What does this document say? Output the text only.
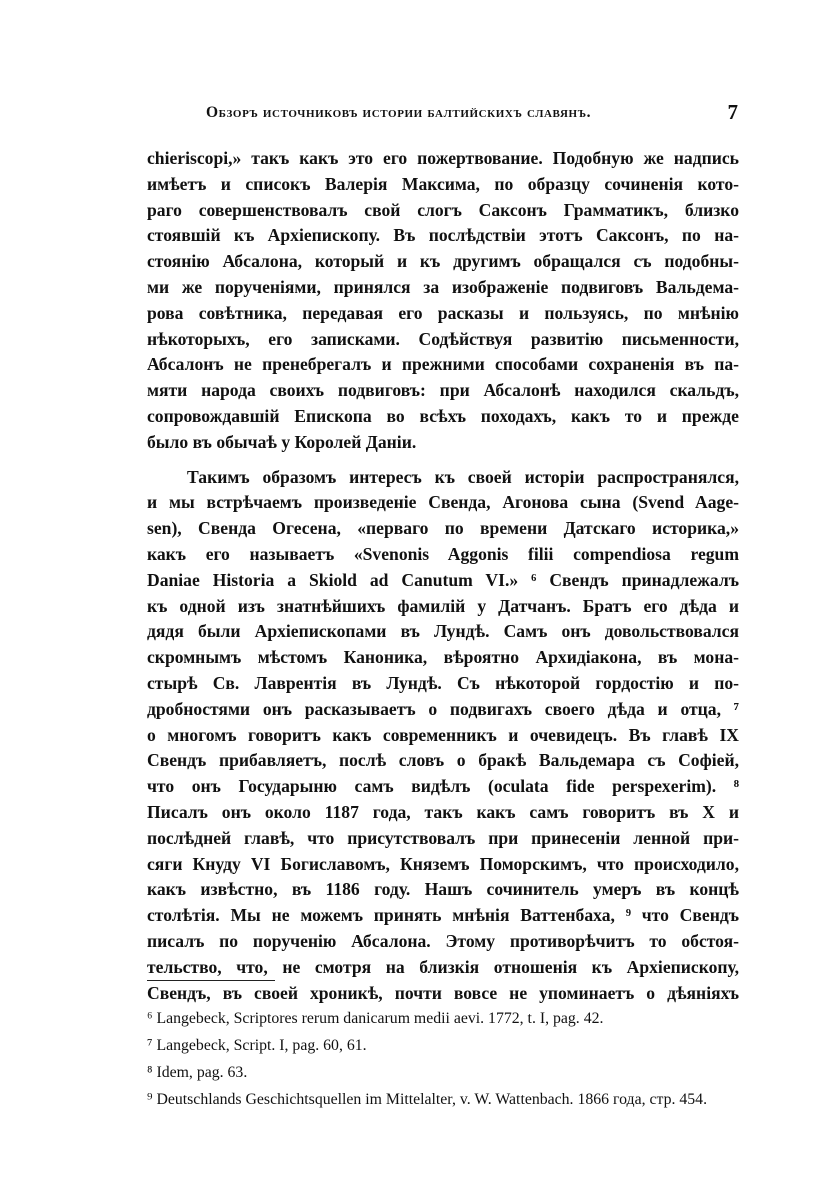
Обзоръ источниковъ истории балтийскихъ славянъ.	7
chieriscopi,» такъ какъ это его пожертвование. Подобную же надпись
имѣетъ и списокъ Валерія Максима, по образцу сочиненія кото-
раго совершенствовалъ свой слогъ Саксонъ Грамматикъ, близко
стоявшій къ Архіепископу. Въ послѣдствіи этотъ Саксонъ, по на-
стоянію Абсалона, который и къ другимъ обращался съ подобны-
ми же порученіями, принялся за изображеніе подвиговъ Вальдема-
рова совѣтника, передавая его расказы и пользуясь, по мнѣнію
нѣкоторыхъ, его записками. Содѣйствуя развитію письменности,
Абсалонъ не пренебрегалъ и прежними способами сохраненія въ па-
мяти народа своихъ подвиговъ: при Абсалонѣ находился скальдъ,
сопровождавшій Епископа во всѣхъ походахъ, какъ то и прежде
было въ обычаѣ у Королей Даніи.
Такимъ образомъ интересъ къ своей исторіи распространялся,
и мы встрѣчаемъ произведеніе Свенда, Агонова сына (Svend Aage-
sen), Свенда Огесена, «перваго по времени Датскаго историка,»
какъ его называетъ «Svenonis Aggonis filii compendiosa regum
Daniae Historia a Skiold ad Canutum VI.» ⁶ Свендъ принадлежалъ
къ одной изъ знатнѣйшихъ фамилій у Датчанъ. Братъ его дѣда и
дядя были Архіепископами въ Лундѣ. Самъ онъ довольствовался
скромнымъ мѣстомъ Каноника, вѣроятно Архидіакона, въ мона-
стырѣ Св. Лаврентія въ Лундѣ. Съ нѣкоторой гордостію и по-
дробностями онъ расказываетъ о подвигахъ своего дѣда и отца, ⁷
о многомъ говоритъ какъ современникъ и очевидецъ. Въ главѣ IX
Свендъ прибавляетъ, послѣ словъ о бракѣ Вальдемара съ Софіей,
что онъ Государыню самъ видѣлъ (oculata fide perspexerim). ⁸
Писалъ онъ около 1187 года, такъ какъ самъ говоритъ въ X и
послѣдней главѣ, что присутствовалъ при принесеніи ленной при-
сяги Кнуду VI Богиславомъ, Княземъ Поморскимъ, что происходило,
какъ извѣстно, въ 1186 году. Нашъ сочинитель умеръ въ концѣ
столѣтія. Мы не можемъ принять мнѣнія Ваттенбаха, ⁹ что Свендъ
писалъ по порученію Абсалона. Этому противорѣчитъ то обстоя-
тельство, что, не смотря на близкія отношенія къ Архіепископу,
Свендъ, въ своей хроникѣ, почти вовсе не упоминаетъ о дѣяніяхъ
⁶ Langebeck, Scriptores rerum danicarum medii aevi. 1772, t. I, pag. 42.
⁷ Langebeck, Script. I, pag. 60, 61.
⁸ Idem, pag. 63.
⁹ Deutschlands Geschichtsquellen im Mittelalter, v. W. Wattenbach. 1866 года, стр. 454.
